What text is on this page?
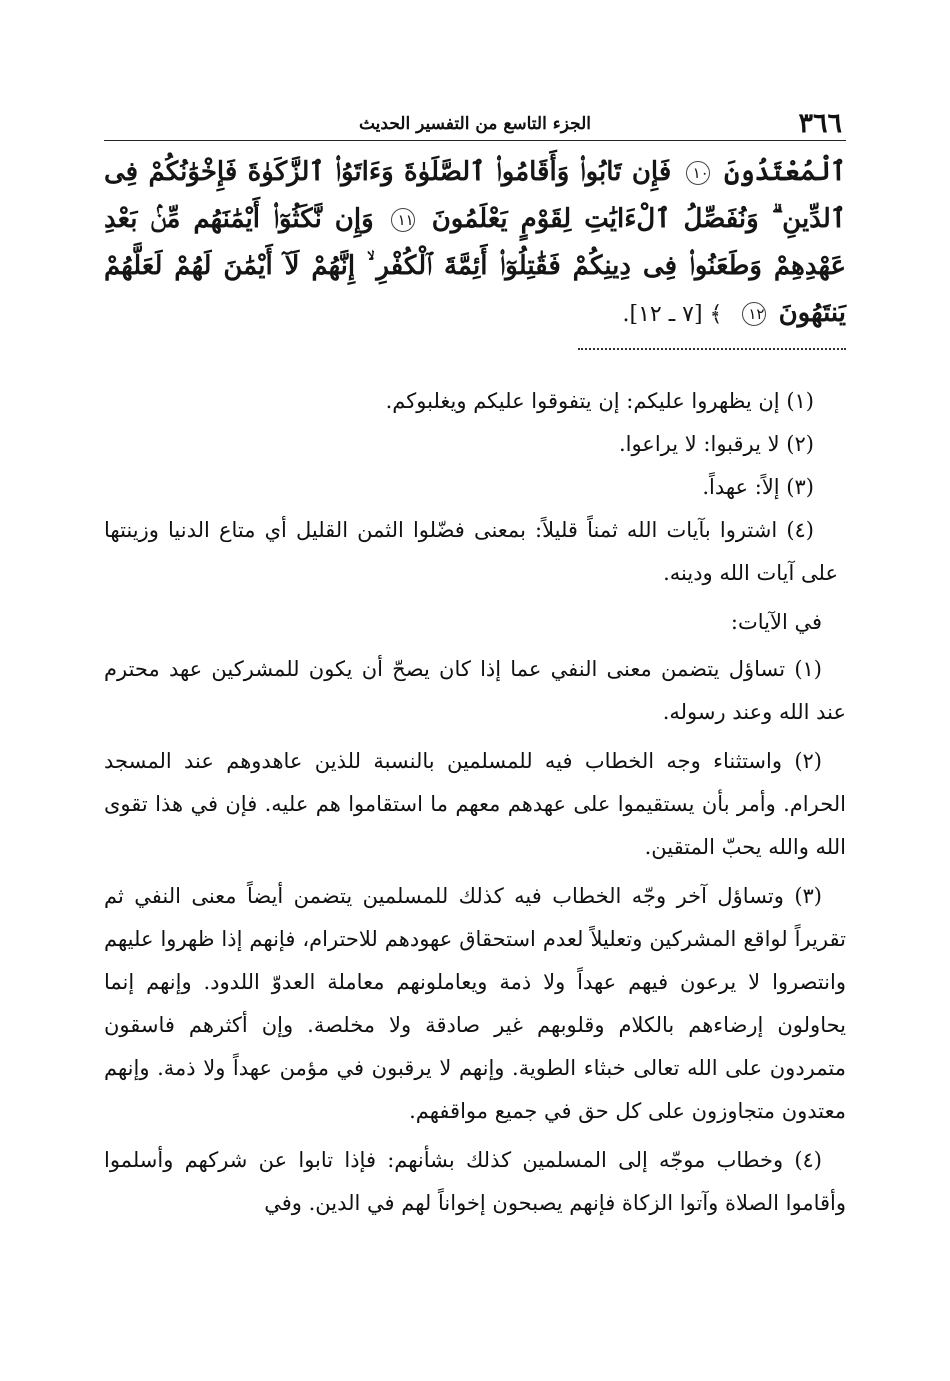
٣٦٦
الجزء التاسع من التفسير الحديث
ٱلْمُعْتَدُونَ ١٠ فَإِن تَابُوا۟ وَأَقَامُوا۟ ٱلصَّلَوٰةَ وَءَاتَوُا۟ ٱلزَّكَوٰةَ فَإِخْوَٰنُكُمْ فِى ٱلدِّينِ ۗ وَنُفَصِّلُ ٱلْءَايَٰتِ لِقَوْمٍ يَعْلَمُونَ ١١ وَإِن نَّكَثُوٓا۟ أَيْمَٰنَهُم مِّنۢ بَعْدِ عَهْدِهِمْ وَطَعَنُوا۟ فِى دِينِكُمْ فَقَٰتِلُوٓا۟ أَئِمَّةَ ٱلْكُفْرِ ۙ إِنَّهُمْ لَآ أَيْمَٰنَ لَهُمْ لَعَلَّهُمْ يَنتَهُونَ ١٢ ﴾ [٧ ـ ١٢].

(١) إن يظهروا عليكم: إن يتفوقوا عليكم ويغلبوكم.

(٢) لا يرقبوا: لا يراعوا.

(٣) إلاً: عهداً.

(٤) اشتروا بآيات الله ثمناً قليلاً: بمعنى فضّلوا الثمن القليل أي متاع الدنيا وزينتها على آيات الله ودينه.

في الآيات:

(١) تساؤل يتضمن معنى النفي عما إذا كان يصحّ أن يكون للمشركين عهد محترم عند الله وعند رسوله.

(٢) واستثناء وجه الخطاب فيه للمسلمين بالنسبة للذين عاهدوهم عند المسجد الحرام. وأمر بأن يستقيموا على عهدهم معهم ما استقاموا هم عليه. فإن في هذا تقوى الله والله يحبّ المتقين.

(٣) وتساؤل آخر وجّه الخطاب فيه كذلك للمسلمين يتضمن أيضاً معنى النفي ثم تقريراً لواقع المشركين وتعليلاً لعدم استحقاق عهودهم للاحترام، فإنهم إذا ظهروا عليهم وانتصروا لا يرعون فيهم عهداً ولا ذمة ويعاملونهم معاملة العدوّ اللدود. وإنهم إنما يحاولون إرضاءهم بالكلام وقلوبهم غير صادقة ولا مخلصة. وإن أكثرهم فاسقون متمردون على الله تعالى خبثاء الطوية. وإنهم لا يرقبون في مؤمن عهداً ولا ذمة. وإنهم معتدون متجاوزون على كل حق في جميع مواقفهم.

(٤) وخطاب موجّه إلى المسلمين كذلك بشأنهم: فإذا تابوا عن شركهم وأسلموا وأقاموا الصلاة وآتوا الزكاة فإنهم يصبحون إخواناً لهم في الدين. وفي
